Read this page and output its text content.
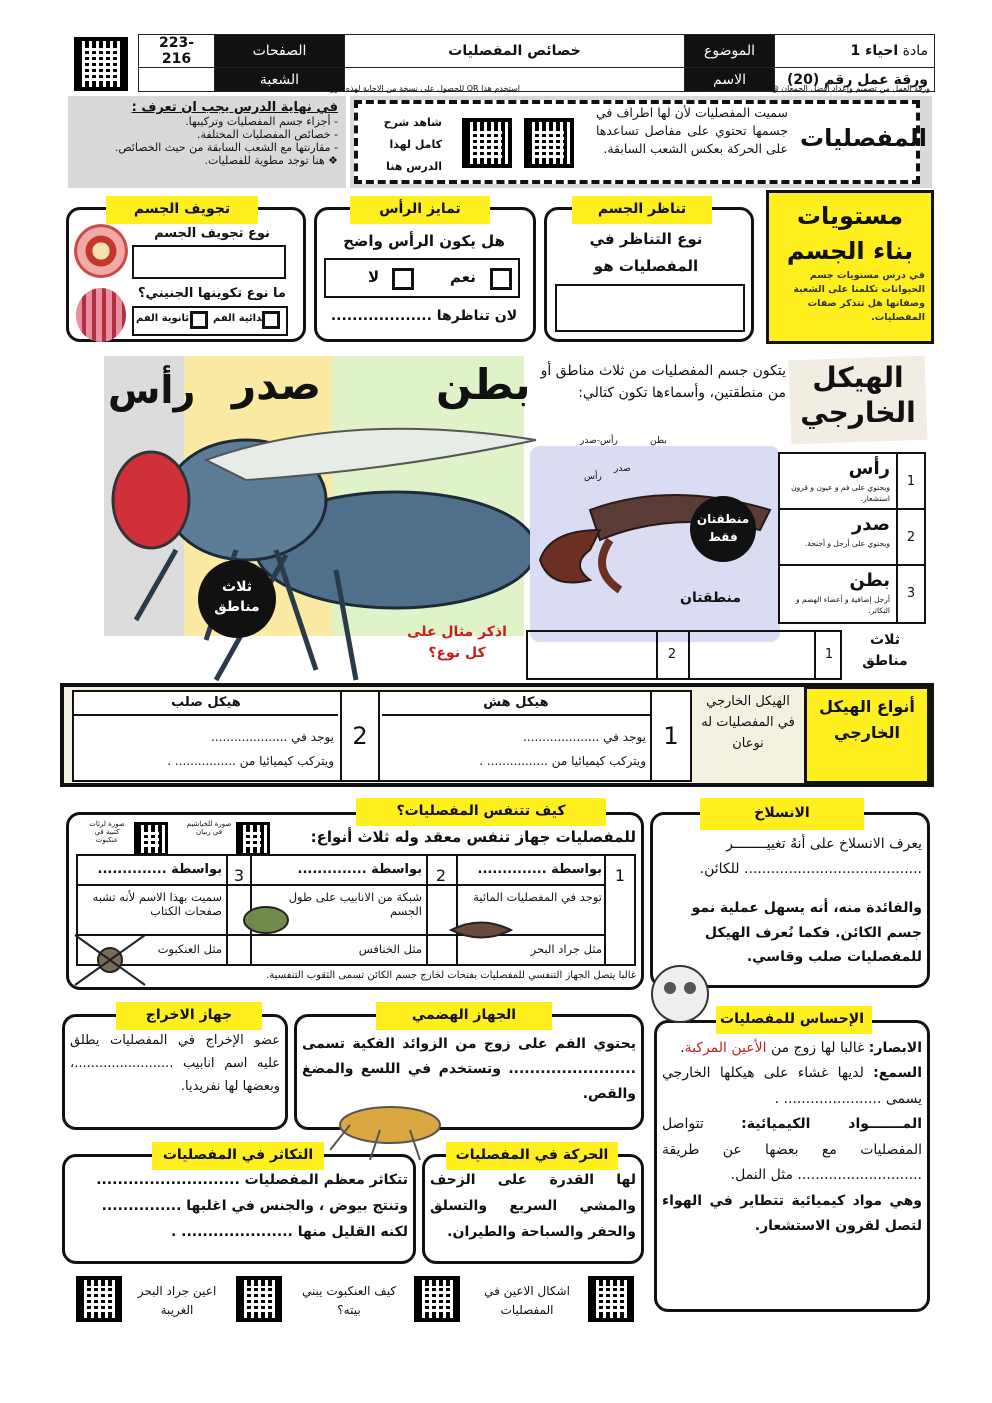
مادة احياء 1	الموضوع	خصائص المفصليات	الصفحات	223-216
ورقة عمل رقم (20)	الاسم		الشعبة	
ورقة العمل من تصميم وإعداد أفضل الجمعان @FaisalTheTeacher
استخدم هذا QR للحصول على نسخة من الاجابة لهذه الورقة
في نهاية الدرس يجب ان تعرف :
- أجزاء جسم المفصليات وتركيبها.
- خصائص المفصليات المختلفة.
- مقارنتها مع الشعب السابقة من حيث الخصائص.
❖ هنا توجد مطوية للفصليات.
المفصليات
سميت المفصليات لأن لها اطراف في جسمها تحتوي على مفاصل تساعدها على الحركة بعكس الشعب السابقة.
شاهد شرح كامل لهذا الدرس هنا
مستويات بناء الجسم
في درس مستويات جسم الحيوانات تكلمنا على الشعبة وصفاتها هل تتذكر صفات المفصليات.
تناظر الجسم
نوع التناظر في المفصليات هو
تمايز الرأس
هل يكون الرأس واضح
نعم
لا
لان تناظرها ...................
تجويف الجسم
نوع تجويف الجسم
ما نوع تكوينها الجنيني؟
بدائية الفم
ثانوية الفم
بطن
صدر
رأس
ثلاث مناطق
اذكر مثال على كل نوع؟
الهيكل الخارجي
يتكون جسم المفصليات من ثلاث مناطق أو من منطقتين، وأسماءها تكون كتالي:
رأس-صدر	بطن
صدر
رأس
منطقتان فقط
منطقتان
1
رأس
ويحتوي على فم و عيون و قرون استشعار.
2
صدر
ويحتوي على أرجل و أجنحة.
3
بطن
أرجل إضافية و أعضاء الهضم و التكاثر.
1
2
ثلاث مناطق
أنواع الهيكل الخارجي
الهيكل الخارجي في المفصليات له نوعان
1
هيكل هش
يوجد في ....................
ويتركب كيميائيا من ................ .
2
هيكل صلب
يوجد في ....................
ويتركب كيميائيا من ................ .
كيف تتنفس المفصليات؟
للمفصليات جهاز تنفس معقد وله ثلاث أنواع:
صورة للخياشيم في ربيان
صورة لرئات كتبية في عنكبوت
1
بواسطة ..............
توجد في المفصليات المائية
مثل جراد البحر
2
بواسطة ..............
شبكة من الانابيب على طول الجسم
مثل الخنافس
3
بواسطة ..............
سميت بهذا الاسم لأنه تشبه صفحات الكتاب
مثل العنكبوت
غالبا يتصل الجهاز التنفسي للمفصليات بفتحات لخارج جسم الكائن تسمى الثقوب التنفسية.
الانسلاخ
يعرف الانسلاخ على أنهُ تغييــــــــر ........................................ للكائن.
والفائدة منه، أنه يسهل عملية نمو جسم الكائن. فكما نُعرف الهيكل للمفصليات صلب وقاسي.
جهاز الاخراج
عضو الإخراج في المفصليات يطلق عليه اسم انابيب ........................، وبعضها لها نفريديا.
الجهاز الهضمي
يحتوي الفم على زوج من الزوائد الفكية تسمى ........................ وتستخدم في اللسع والمضغ والقص.
الإحساس للمفصليات
الابصار: غالبا لها زوج من الأعين المركبة.
السمع: لديها غشاء على هيكلها الخارجي يسمى ...................... .
المـــــــواد الكيميائية: تتواصل المفصليات مع بعضها عن طريقة ............................ مثل النمل.
وهي مواد كيميائية تتطاير في الهواء لتصل لقرون الاستشعار.
التكاثر في المفصليات
تتكاثر معظم المفصليات ...........................
وتنتج بيوض ، والجنس في اغلبها ...............
لكنه القليل منها ..................... .
الحركة في المفصليات
لها القدرة على الزحف والمشي السريع والتسلق والحفر والسباحة والطيران.
اعين جراد البحر الغريبة
كيف العنكبوت يبني بيته؟
اشكال الاعين في المفصليات
